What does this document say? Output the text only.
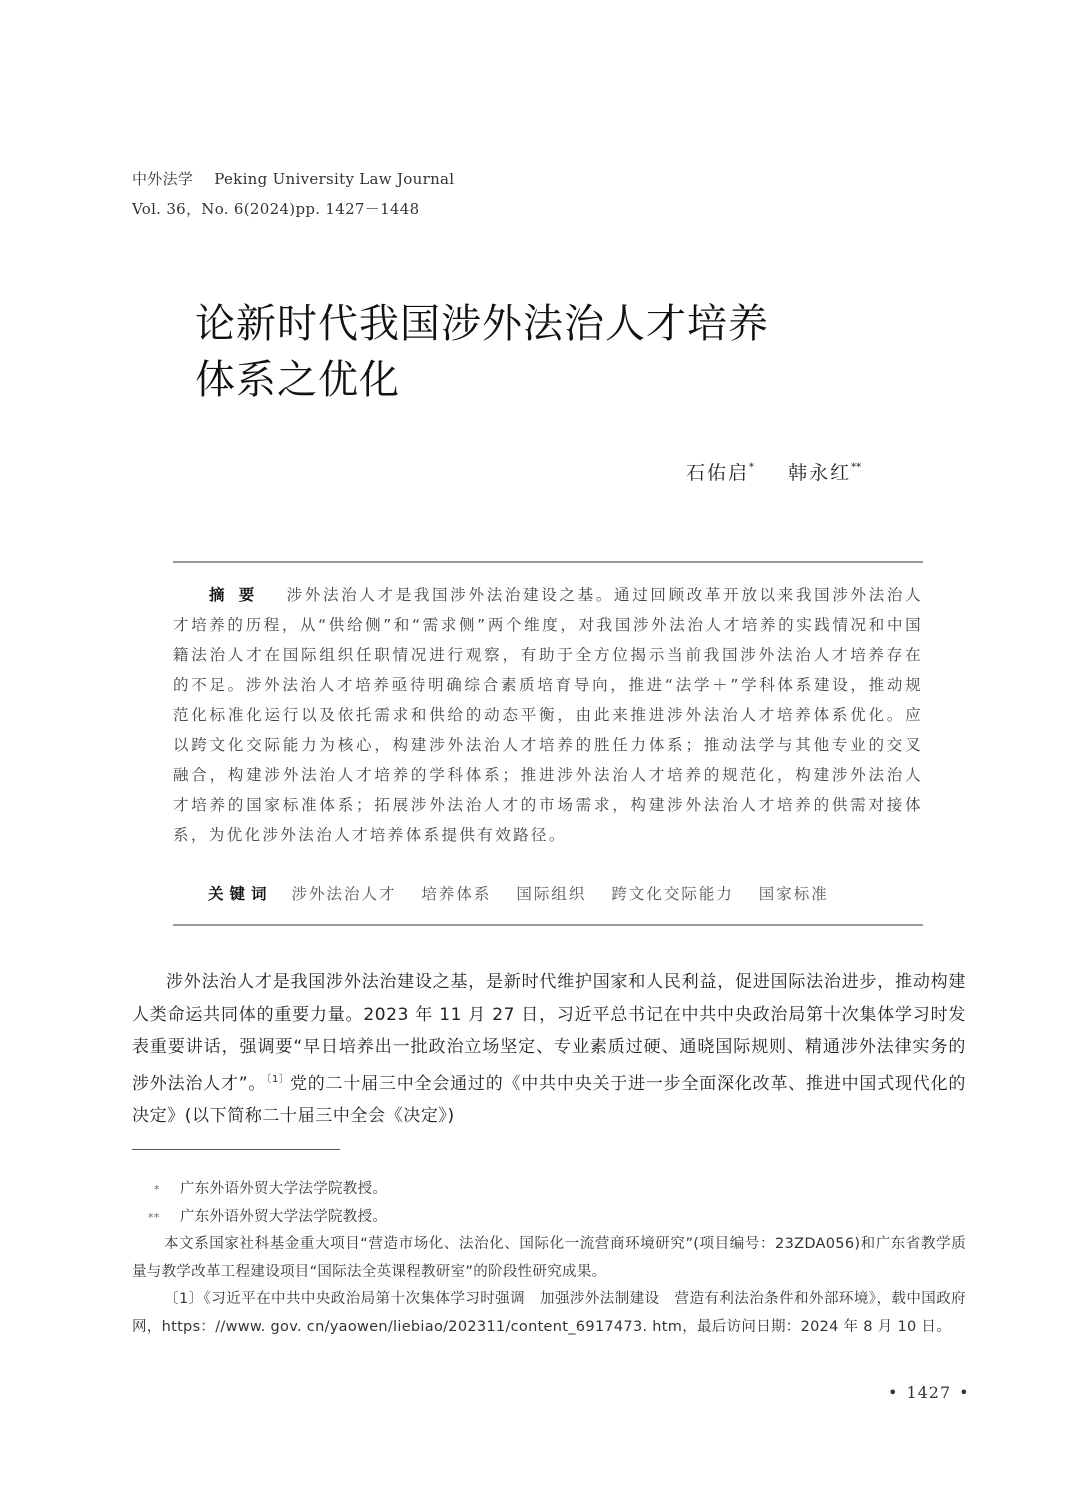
中外法学 Peking University Law Journal
Vol. 36，No. 6(2024)pp. 1427－1448
论新时代我国涉外法治人才培养
体系之优化
石佑启* 韩永红**
摘要 涉外法治人才是我国涉外法治建设之基。通过回顾改革开放以来我国涉外法治人才培养的历程，从“供给侧”和“需求侧”两个维度，对我国涉外法治人才培养的实践情况和中国籍法治人才在国际组织任职情况进行观察，有助于全方位揭示当前我国涉外法治人才培养存在的不足。涉外法治人才培养亟待明确综合素质培育导向，推进“法学＋”学科体系建设，推动规范化标准化运行以及依托需求和供给的动态平衡，由此来推进涉外法治人才培养体系优化。应以跨文化交际能力为核心，构建涉外法治人才培养的胜任力体系；推动法学与其他专业的交叉融合，构建涉外法治人才培养的学科体系；推进涉外法治人才培养的规范化，构建涉外法治人才培养的国家标准体系；拓展涉外法治人才的市场需求，构建涉外法治人才培养的供需对接体系，为优化涉外法治人才培养体系提供有效路径。
关键词 涉外法治人才 培养体系 国际组织 跨文化交际能力 国家标准

涉外法治人才是我国涉外法治建设之基，是新时代维护国家和人民利益，促进国际法治进步，推动构建人类命运共同体的重要力量。2023 年 11 月 27 日，习近平总书记在中共中央政治局第十次集体学习时发表重要讲话，强调要“早日培养出一批政治立场坚定、专业素质过硬、通晓国际规则、精通涉外法律实务的涉外法治人才”。$^{〔1〕}$党的二十届三中全会通过的《中共中央关于进一步全面深化改革、推进中国式现代化的决定》(以下简称二十届三中全会《决定》)

* 广东外语外贸大学法学院教授。

** 广东外语外贸大学法学院教授。

本文系国家社科基金重大项目“营造市场化、法治化、国际化一流营商环境研究”(项目编号：23ZDA056)和广东省教学质量与教学改革工程建设项目“国际法全英课程教研室”的阶段性研究成果。

〔1〕《习近平在中共中央政治局第十次集体学习时强调　加强涉外法制建设　营造有利法治条件和外部环境》，载中国政府网，https：//www. gov. cn/yaowen/liebiao/202311/content_6917473. htm，最后访问日期：2024 年 8 月 10 日。

• 1427 •
